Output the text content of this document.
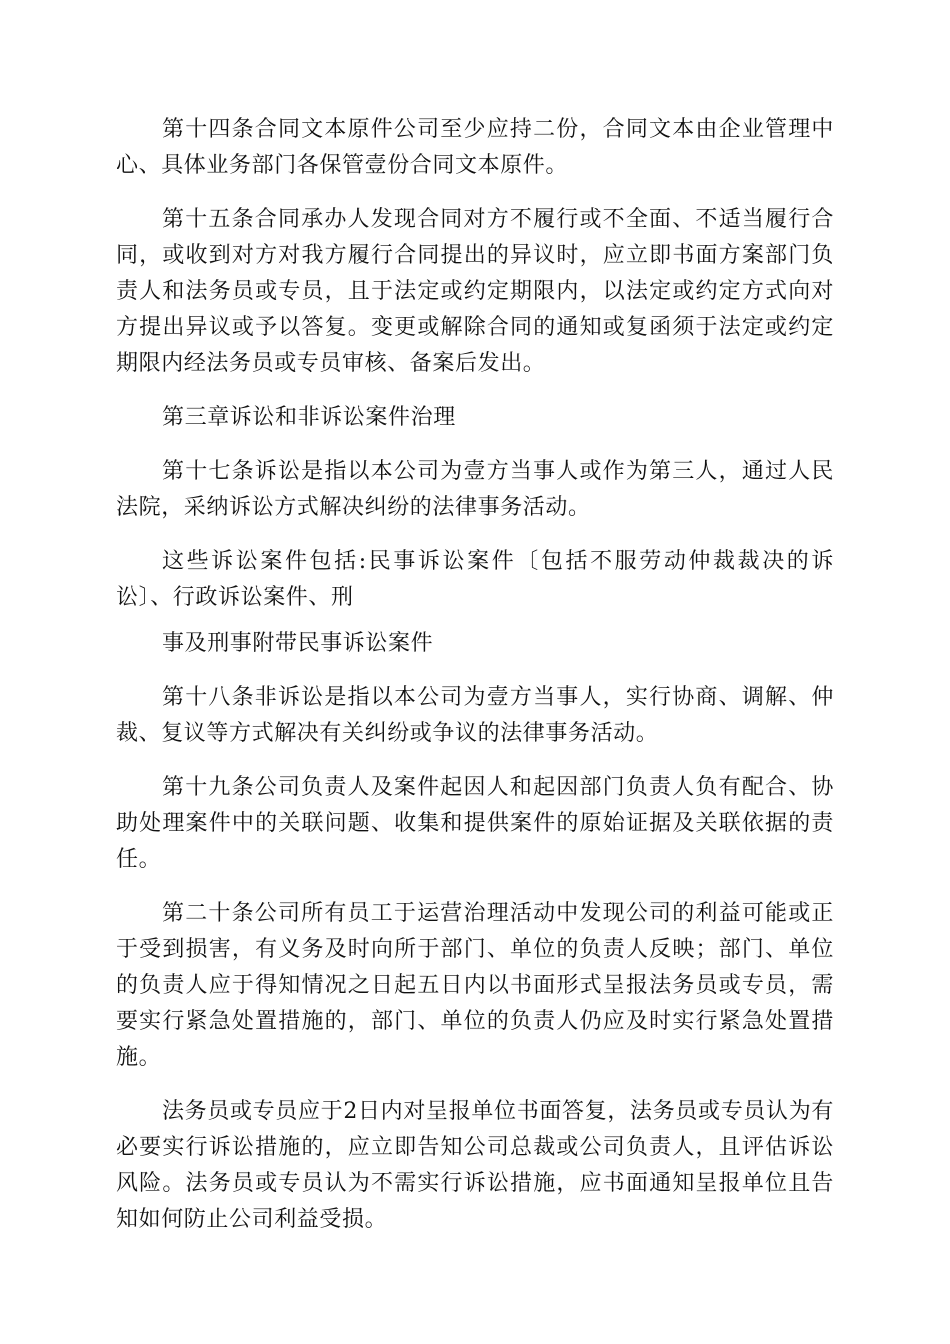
第十四条合同文本原件公司至少应持二份，合同文本由企业管理中心、具体业务部门各保管壹份合同文本原件。

第十五条合同承办人发现合同对方不履行或不全面、不适当履行合同，或收到对方对我方履行合同提出的异议时，应立即书面方案部门负责人和法务员或专员，且于法定或约定期限内，以法定或约定方式向对方提出异议或予以答复。变更或解除合同的通知或复函须于法定或约定期限内经法务员或专员审核、备案后发出。

第三章诉讼和非诉讼案件治理

第十七条诉讼是指以本公司为壹方当事人或作为第三人，通过人民法院，采纳诉讼方式解决纠纷的法律事务活动。

这些诉讼案件包括:民事诉讼案件〔包括不服劳动仲裁裁决的诉讼〕、行政诉讼案件、刑

事及刑事附带民事诉讼案件

第十八条非诉讼是指以本公司为壹方当事人，实行协商、调解、仲裁、复议等方式解决有关纠纷或争议的法律事务活动。

第十九条公司负责人及案件起因人和起因部门负责人负有配合、协助处理案件中的关联问题、收集和提供案件的原始证据及关联依据的责任。

第二十条公司所有员工于运营治理活动中发现公司的利益可能或正于受到损害，有义务及时向所于部门、单位的负责人反映；部门、单位的负责人应于得知情况之日起五日内以书面形式呈报法务员或专员，需要实行紧急处置措施的，部门、单位的负责人仍应及时实行紧急处置措施。

法务员或专员应于2日内对呈报单位书面答复，法务员或专员认为有必要实行诉讼措施的，应立即告知公司总裁或公司负责人，且评估诉讼风险。法务员或专员认为不需实行诉讼措施，应书面通知呈报单位且告知如何防止公司利益受损。
